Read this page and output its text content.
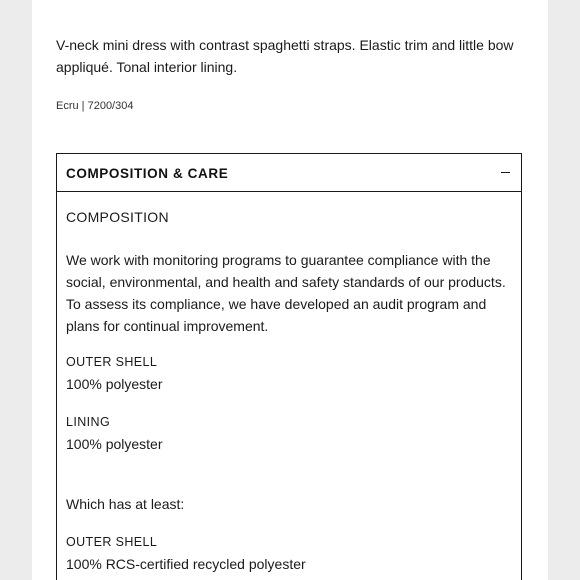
V-neck mini dress with contrast spaghetti straps. Elastic trim and little bow appliqué. Tonal interior lining.

Ecru | 7200/304

COMPOSITION & CARE
COMPOSITION

We work with monitoring programs to guarantee compliance with the social, environmental, and health and safety standards of our products. To assess its compliance, we have developed an audit program and plans for continual improvement.

OUTER SHELL
100% polyester
LINING
100% polyester
Which has at least:
OUTER SHELL
100% RCS-certified recycled polyester
